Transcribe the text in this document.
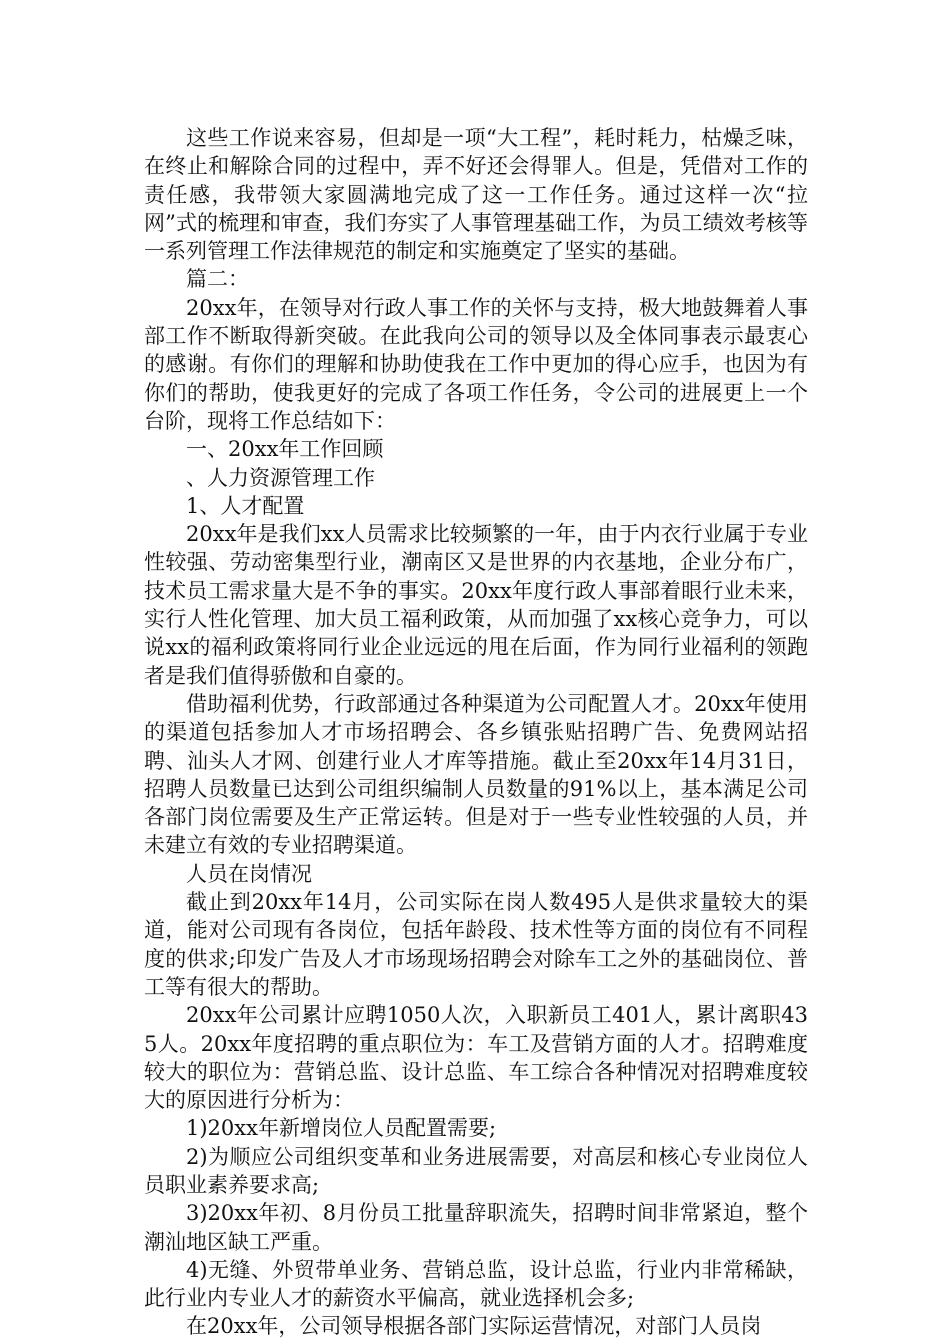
这些工作说来容易，但却是一项“大工程”，耗时耗力，枯燥乏味，在终止和解除合同的过程中，弄不好还会得罪人。但是，凭借对工作的责任感，我带领大家圆满地完成了这一工作任务。通过这样一次“拉网”式的梳理和审查，我们夯实了人事管理基础工作，为员工绩效考核等一系列管理工作法律规范的制定和实施奠定了坚实的基础。

篇二：

20xx年，在领导对行政人事工作的关怀与支持，极大地鼓舞着人事部工作不断取得新突破。在此我向公司的领导以及全体同事表示最衷心的感谢。有你们的理解和协助使我在工作中更加的得心应手，也因为有你们的帮助，使我更好的完成了各项工作任务，令公司的进展更上一个台阶，现将工作总结如下：

一、20xx年工作回顾

、人力资源管理工作

1、人才配置

20xx年是我们xx人员需求比较频繁的一年，由于内衣行业属于专业性较强、劳动密集型行业，潮南区又是世界的内衣基地，企业分布广，技术员工需求量大是不争的事实。20xx年度行政人事部着眼行业未来，实行人性化管理、加大员工福利政策，从而加强了xx核心竞争力，可以说xx的福利政策将同行业企业远远的甩在后面，作为同行业福利的领跑者是我们值得骄傲和自豪的。

借助福利优势，行政部通过各种渠道为公司配置人才。20xx年使用的渠道包括参加人才市场招聘会、各乡镇张贴招聘广告、免费网站招聘、汕头人才网、创建行业人才库等措施。截止至20xx年14月31日，招聘人员数量已达到公司组织编制人员数量的91%以上，基本满足公司各部门岗位需要及生产正常运转。但是对于一些专业性较强的人员，并未建立有效的专业招聘渠道。

人员在岗情况

截止到20xx年14月，公司实际在岗人数495人是供求量较大的渠道，能对公司现有各岗位，包括年龄段、技术性等方面的岗位有不同程度的供求;印发广告及人才市场现场招聘会对除车工之外的基础岗位、普工等有很大的帮助。

20xx年公司累计应聘1050人次，入职新员工401人，累计离职435人。20xx年度招聘的重点职位为：车工及营销方面的人才。招聘难度较大的职位为：营销总监、设计总监、车工综合各种情况对招聘难度较大的原因进行分析为：

1)20xx年新增岗位人员配置需要;

2)为顺应公司组织变革和业务进展需要，对高层和核心专业岗位人员职业素养要求高;

3)20xx年初、8月份员工批量辞职流失，招聘时间非常紧迫，整个潮汕地区缺工严重。

4)无缝、外贸带单业务、营销总监，设计总监，行业内非常稀缺，此行业内专业人才的薪资水平偏高，就业选择机会多;

在20xx年，公司领导根据各部门实际运营情况，对部门人员岗
